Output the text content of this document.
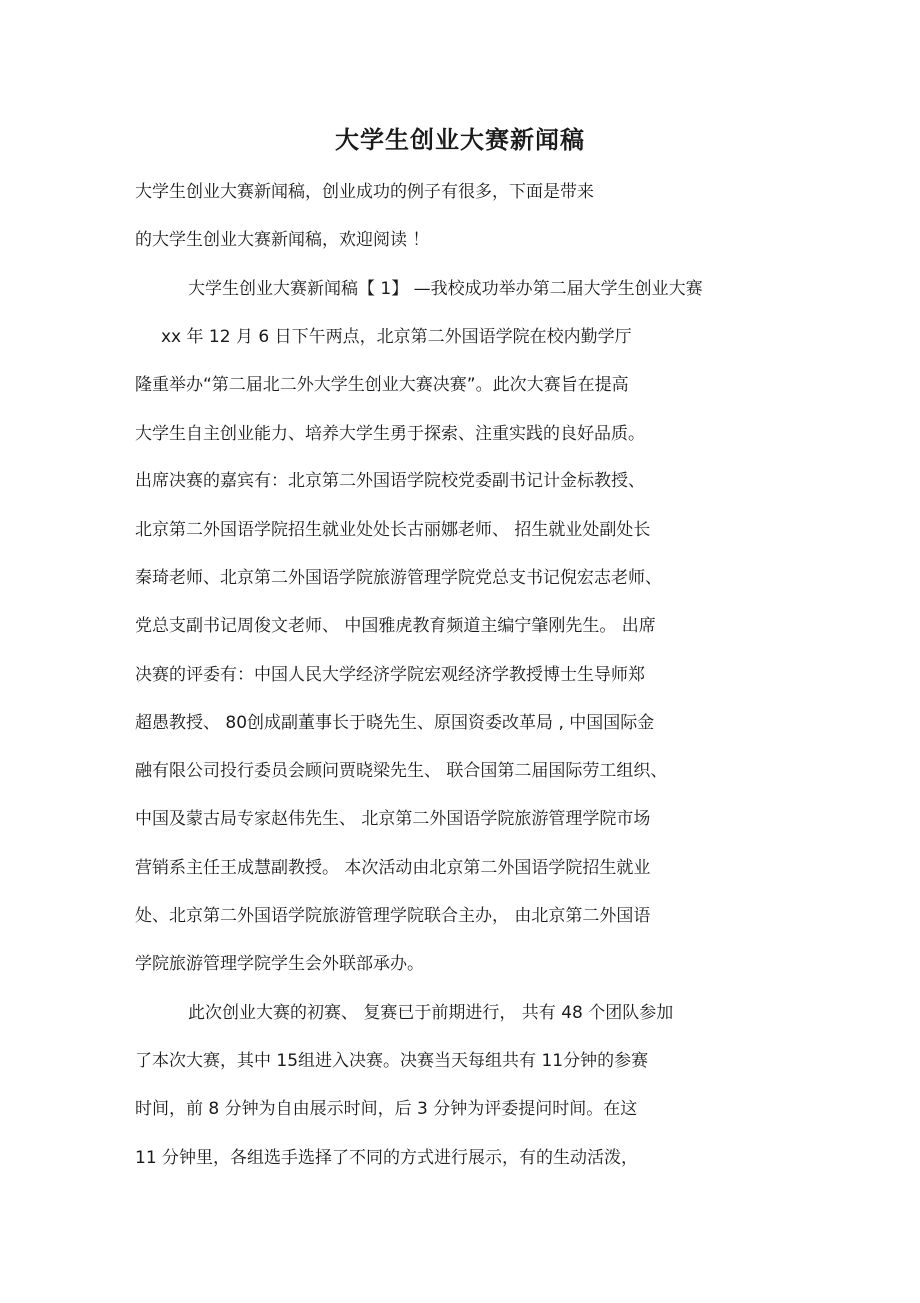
大学生创业大赛新闻稿
大学生创业大赛新闻稿，创业成功的例子有很多，下面是带来
的大学生创业大赛新闻稿，欢迎阅读 ！
大学生创业大赛新闻稿【 1】 —我校成功举办第二届大学生创业大赛
xx 年 12 月 6 日下午两点，北京第二外国语学院在校内勤学厅
隆重举办“第二届北二外大学生创业大赛决赛”。此次大赛旨在提高
大学生自主创业能力、培养大学生勇于探索、注重实践的良好品质。
出席决赛的嘉宾有：北京第二外国语学院校党委副书记计金标教授、
北京第二外国语学院招生就业处处长古丽娜老师、 招生就业处副处长
秦琦老师、北京第二外国语学院旅游管理学院党总支书记倪宏志老师、
党总支副书记周俊文老师、 中国雅虎教育频道主编宁肇刚先生。 出席
决赛的评委有：中国人民大学经济学院宏观经济学教授博士生导师郑
超愚教授、 80创成副董事长于晓先生、原国资委改革局 , 中国国际金
融有限公司投行委员会顾问贾晓梁先生、 联合国第二届国际劳工组织、
中国及蒙古局专家赵伟先生、 北京第二外国语学院旅游管理学院市场
营销系主任王成慧副教授。 本次活动由北京第二外国语学院招生就业
处、北京第二外国语学院旅游管理学院联合主办， 由北京第二外国语
学院旅游管理学院学生会外联部承办。
此次创业大赛的初赛、 复赛已于前期进行， 共有 48 个团队参加
了本次大赛，其中 15组进入决赛。决赛当天每组共有 11分钟的参赛
时间，前 8 分钟为自由展示时间，后 3 分钟为评委提问时间。在这
11 分钟里，各组选手选择了不同的方式进行展示，有的生动活泼，
